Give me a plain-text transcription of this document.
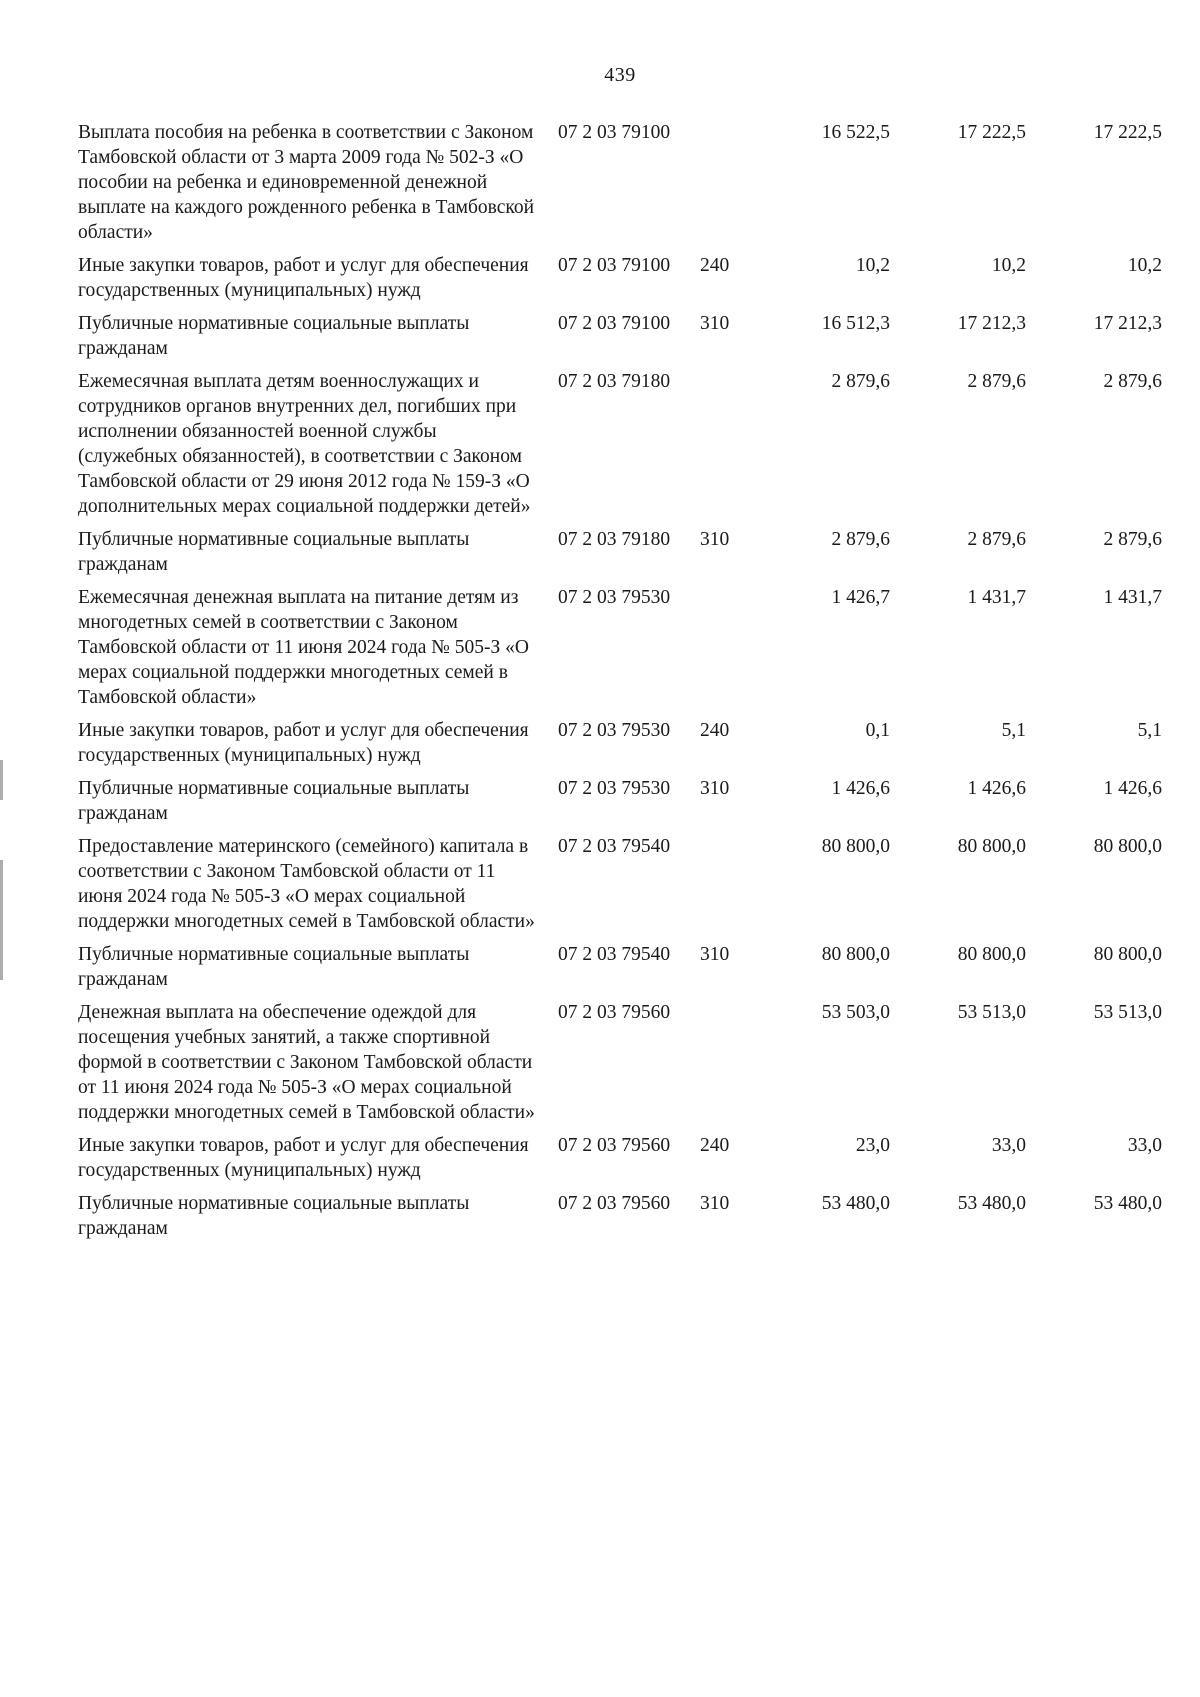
439
Выплата пособия на ребенка в соответствии с Законом Тамбовской области от 3 марта 2009 года № 502-З «О пособии на ребенка и единовременной денежной выплате на каждого рожденного ребенка в Тамбовской области»	07 2 03 79100		16 522,5	17 222,5	17 222,5
Иные закупки товаров, работ и услуг для обеспечения государственных (муниципальных) нужд	07 2 03 79100	240	10,2	10,2	10,2
Публичные нормативные социальные выплаты гражданам	07 2 03 79100	310	16 512,3	17 212,3	17 212,3
Ежемесячная выплата детям военнослужащих и сотрудников органов внутренних дел, погибших при исполнении обязанностей военной службы (служебных обязанностей), в соответствии с Законом Тамбовской области от 29 июня 2012 года № 159-З «О дополнительных мерах социальной поддержки детей»	07 2 03 79180		2 879,6	2 879,6	2 879,6
Публичные нормативные социальные выплаты гражданам	07 2 03 79180	310	2 879,6	2 879,6	2 879,6
Ежемесячная денежная выплата на питание детям из многодетных семей в соответствии с Законом Тамбовской области от 11 июня 2024 года № 505-З «О мерах социальной поддержки многодетных семей в Тамбовской области»	07 2 03 79530		1 426,7	1 431,7	1 431,7
Иные закупки товаров, работ и услуг для обеспечения государственных (муниципальных) нужд	07 2 03 79530	240	0,1	5,1	5,1
Публичные нормативные социальные выплаты гражданам	07 2 03 79530	310	1 426,6	1 426,6	1 426,6
Предоставление материнского (семейного) капитала в соответствии с Законом Тамбовской области от 11 июня 2024 года № 505-З «О мерах социальной поддержки многодетных семей в Тамбовской области»	07 2 03 79540		80 800,0	80 800,0	80 800,0
Публичные нормативные социальные выплаты гражданам	07 2 03 79540	310	80 800,0	80 800,0	80 800,0
Денежная выплата на обеспечение одеждой для посещения учебных занятий, а также спортивной формой в соответствии с Законом Тамбовской области от 11 июня 2024 года № 505-З «О мерах социальной поддержки многодетных семей в Тамбовской области»	07 2 03 79560		53 503,0	53 513,0	53 513,0
Иные закупки товаров, работ и услуг для обеспечения государственных (муниципальных) нужд	07 2 03 79560	240	23,0	33,0	33,0
Публичные нормативные социальные выплаты гражданам	07 2 03 79560	310	53 480,0	53 480,0	53 480,0
